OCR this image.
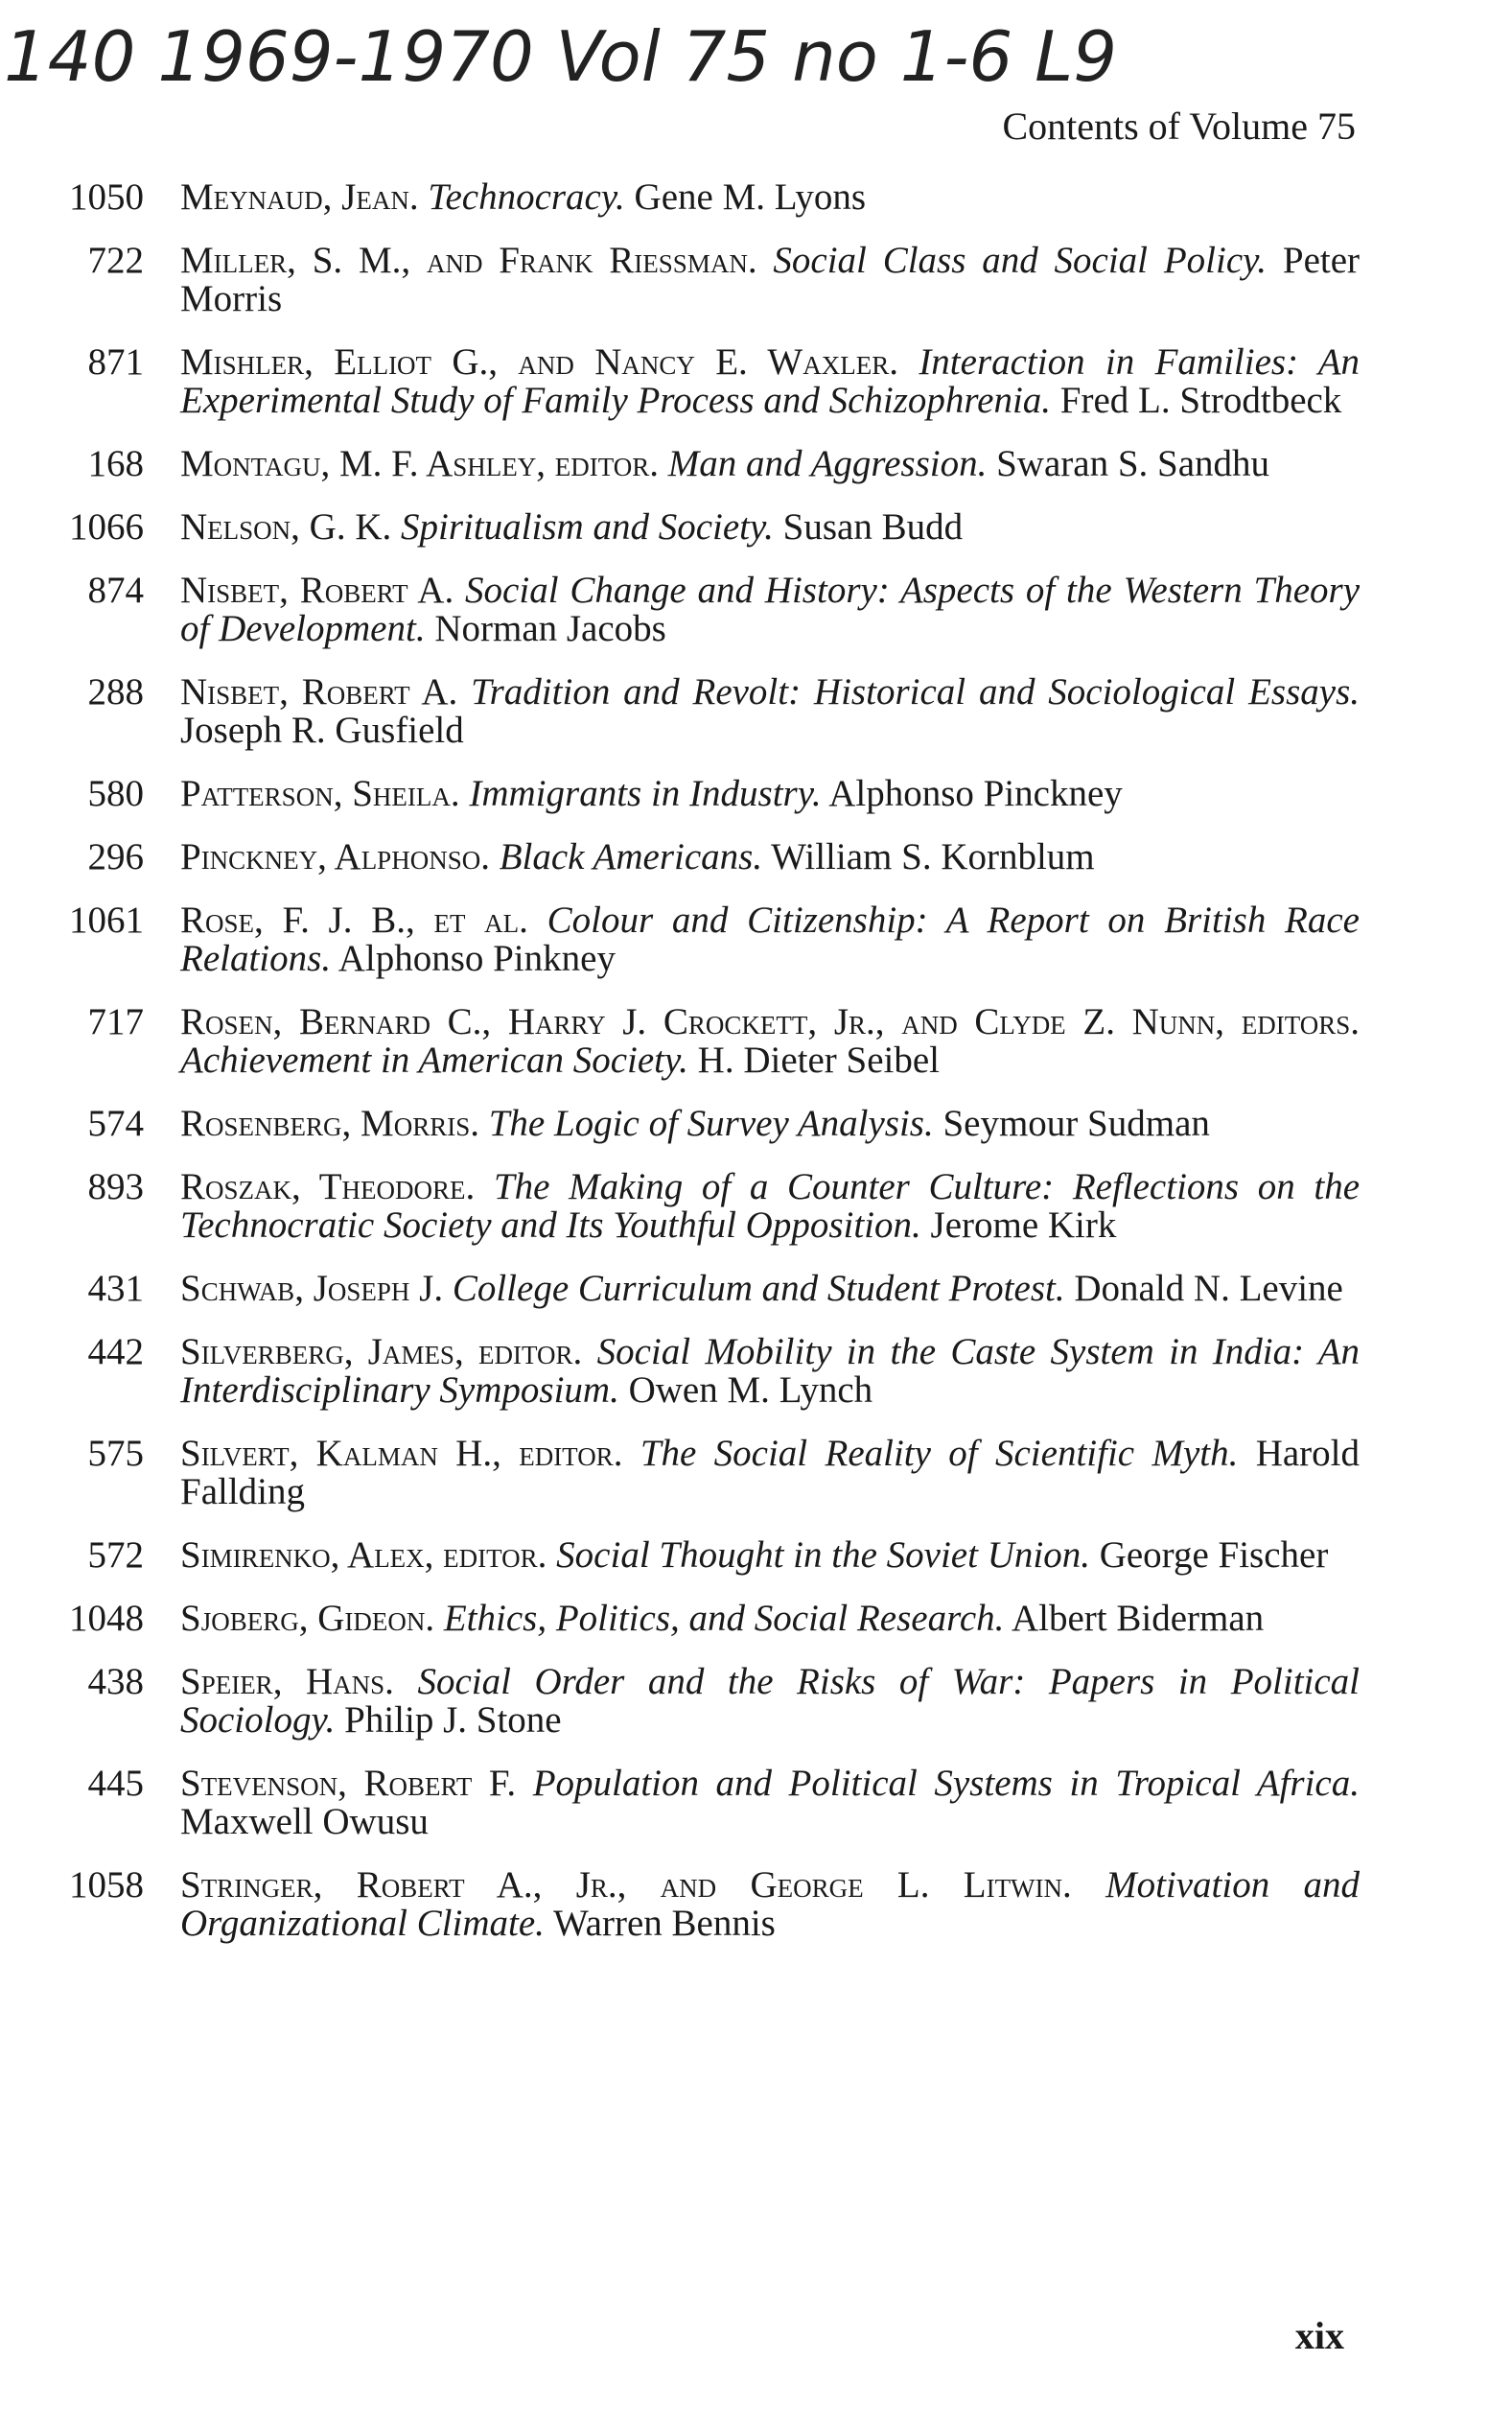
140 1969-1970 Vol 75 no 1-6 L9
Contents of Volume 75
1050 Meynaud, Jean. Technocracy. Gene M. Lyons
722 Miller, S. M., and Frank Riessman. Social Class and Social Policy. Peter Morris
871 Mishler, Elliot G., and Nancy E. Waxler. Interaction in Families: An Experimental Study of Family Process and Schizophrenia. Fred L. Strodtbeck
168 Montagu, M. F. Ashley, editor. Man and Aggression. Swaran S. Sandhu
1066 Nelson, G. K. Spiritualism and Society. Susan Budd
874 Nisbet, Robert A. Social Change and History: Aspects of the Western Theory of Development. Norman Jacobs
288 Nisbet, Robert A. Tradition and Revolt: Historical and Sociological Essays. Joseph R. Gusfield
580 Patterson, Sheila. Immigrants in Industry. Alphonso Pinckney
296 Pinckney, Alphonso. Black Americans. William S. Kornblum
1061 Rose, F. J. B., et al. Colour and Citizenship: A Report on British Race Relations. Alphonso Pinkney
717 Rosen, Bernard C., Harry J. Crockett, Jr., and Clyde Z. Nunn, editors. Achievement in American Society. H. Dieter Seibel
574 Rosenberg, Morris. The Logic of Survey Analysis. Seymour Sudman
893 Roszak, Theodore. The Making of a Counter Culture: Reflections on the Technocratic Society and Its Youthful Opposition. Jerome Kirk
431 Schwab, Joseph J. College Curriculum and Student Protest. Donald N. Levine
442 Silverberg, James, editor. Social Mobility in the Caste System in India: An Interdisciplinary Symposium. Owen M. Lynch
575 Silvert, Kalman H., editor. The Social Reality of Scientific Myth. Harold Fallding
572 Simirenko, Alex, editor. Social Thought in the Soviet Union. George Fischer
1048 Sjoberg, Gideon. Ethics, Politics, and Social Research. Albert Biderman
438 Speier, Hans. Social Order and the Risks of War: Papers in Political Sociology. Philip J. Stone
445 Stevenson, Robert F. Population and Political Systems in Tropical Africa. Maxwell Owusu
1058 Stringer, Robert A., Jr., and George L. Litwin. Motivation and Organizational Climate. Warren Bennis
xix
